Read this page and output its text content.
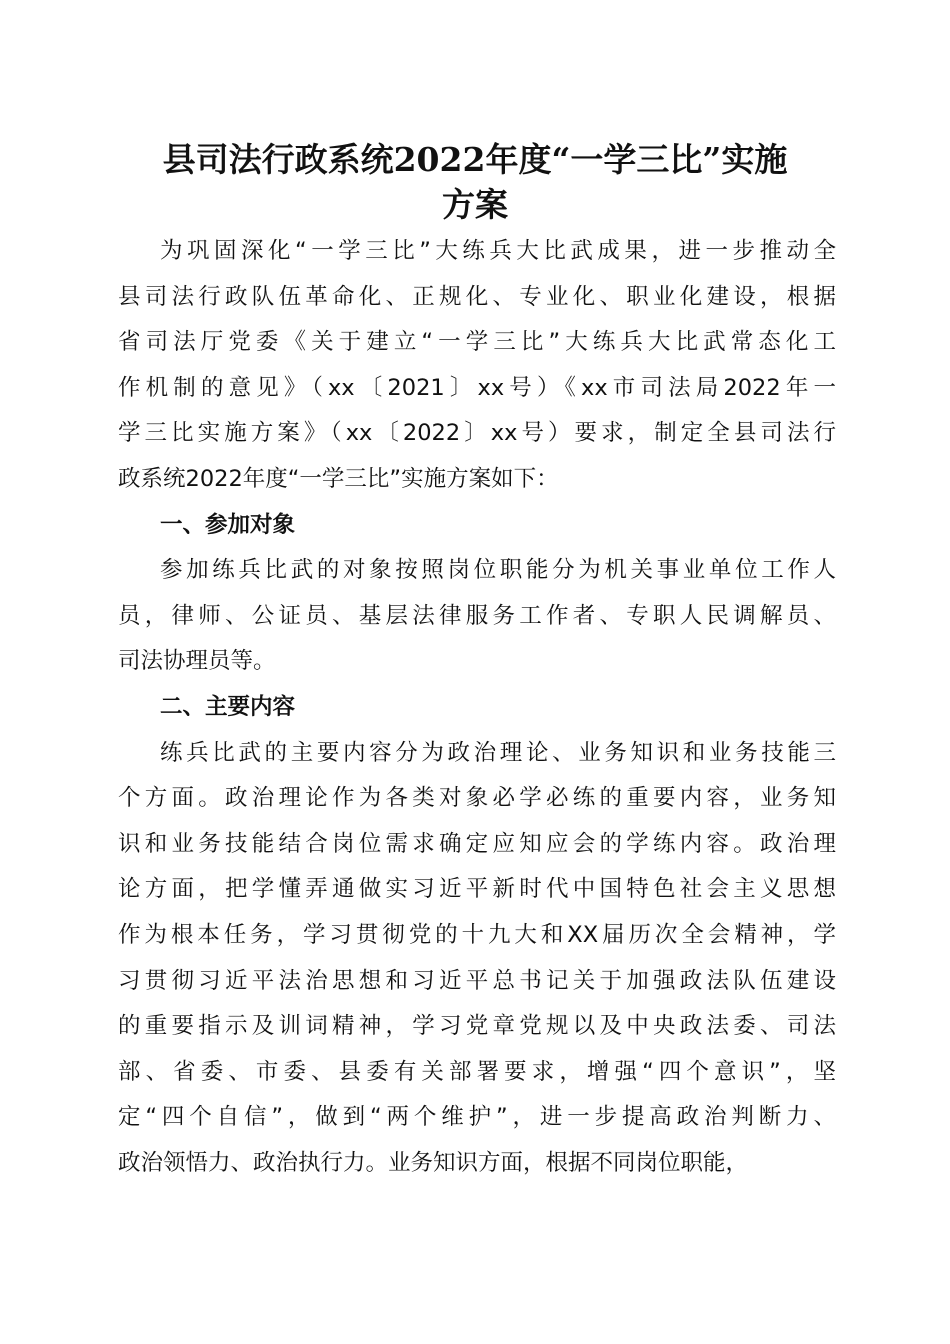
县司法行政系统2022年度“一学三比”实施
方案
为巩固深化“一学三比”大练兵大比武成果，进一步推动全
县司法行政队伍革命化、正规化、专业化、职业化建设，根据
省司法厅党委《关于建立“一学三比”大练兵大比武常态化工
作机制的意见》（xx〔2021〕xx号）《xx市司法局2022年一
学三比实施方案》（xx〔2022〕xx号）要求，制定全县司法行
政系统2022年度“一学三比”实施方案如下：
一、参加对象
参加练兵比武的对象按照岗位职能分为机关事业单位工作人
员，律师、公证员、基层法律服务工作者、专职人民调解员、
司法协理员等。
二、主要内容
练兵比武的主要内容分为政治理论、业务知识和业务技能三
个方面。政治理论作为各类对象必学必练的重要内容，业务知
识和业务技能结合岗位需求确定应知应会的学练内容。政治理
论方面，把学懂弄通做实习近平新时代中国特色社会主义思想
作为根本任务，学习贯彻党的十九大和XX届历次全会精神，学
习贯彻习近平法治思想和习近平总书记关于加强政法队伍建设
的重要指示及训词精神，学习党章党规以及中央政法委、司法
部、省委、市委、县委有关部署要求，增强“四个意识”，坚
定“四个自信”，做到“两个维护”，进一步提高政治判断力、
政治领悟力、政治执行力。业务知识方面，根据不同岗位职能，
